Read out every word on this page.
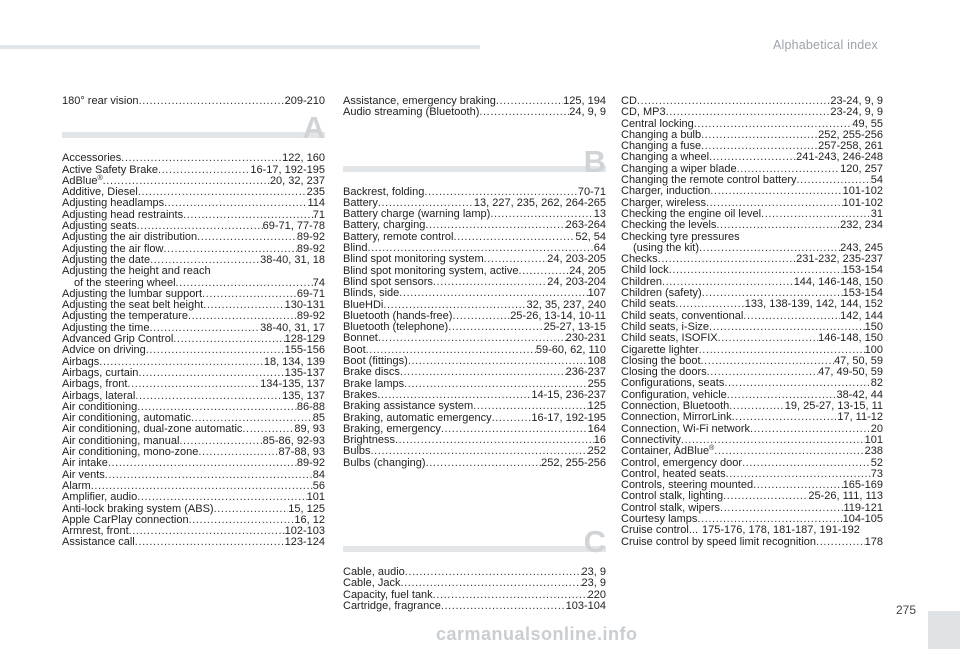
Alphabetical index
180° rear vision .....	209-210
A
Accessories .....	122, 160
Active Safety Brake .....	16-17, 192-195
AdBlue® .....	20, 32, 237
Additive, Diesel .....	235
Adjusting headlamps .....	114
Adjusting head restraints .....	71
Adjusting seats .....	69-71, 77-78
Adjusting the air distribution .....	89-92
Adjusting the air flow .....	89-92
Adjusting the date .....	38-40, 31, 18
Adjusting the height and reach
of the steering wheel .....	74
Adjusting the lumbar support .....	69-71
Adjusting the seat belt height .....	130-131
Adjusting the temperature .....	89-92
Adjusting the time .....	38-40, 31, 17
Advanced Grip Control .....	128-129
Advice on driving .....	155-156
Airbags .....	18, 134, 139
Airbags, curtain .....	135-137
Airbags, front .....	134-135, 137
Airbags, lateral .....	135, 137
Air conditioning .....	86-88
Air conditioning, automatic .....	85
Air conditioning, dual-zone automatic .....	89, 93
Air conditioning, manual .....	85-86, 92-93
Air conditioning, mono-zone .....	87-88, 93
Air intake .....	89-92
Air vents .....	84
Alarm .....	56
Amplifier, audio .....	101
Anti-lock braking system (ABS) .....	15, 125
Apple CarPlay connection .....	16, 12
Armrest, front .....	102-103
Assistance call .....	123-124
Assistance, emergency braking .....	125, 194
Audio streaming (Bluetooth) .....	24, 9, 9
B
Backrest, folding .....	70-71
Battery .....	13, 227, 235, 262, 264-265
Battery charge (warning lamp) .....	13
Battery, charging .....	263-264
Battery, remote control .....	52, 54
Blind .....	64
Blind spot monitoring system .....	24, 203-205
Blind spot monitoring system, active .....	24, 205
Blind spot sensors .....	24, 203-204
Blinds, side .....	107
BlueHDi .....	32, 35, 237, 240
Bluetooth (hands-free) .....	25-26, 13-14, 10-11
Bluetooth (telephone) .....	25-27, 13-15
Bonnet .....	230-231
Boot .....	59-60, 62, 110
Boot (fittings) .....	108
Brake discs .....	236-237
Brake lamps .....	255
Brakes .....	14-15, 236-237
Braking assistance system .....	125
Braking, automatic emergency .....	16-17, 192-195
Braking, emergency .....	164
Brightness .....	16
Bulbs .....	252
Bulbs (changing) .....	252, 255-256
C
Cable, audio .....	23, 9
Cable, Jack .....	23, 9
Capacity, fuel tank .....	220
Cartridge, fragrance .....	103-104
CD .....	23-24, 9, 9
CD, MP3 .....	23-24, 9, 9
Central locking .....	49, 55
Changing a bulb .....	252, 255-256
Changing a fuse .....	257-258, 261
Changing a wheel .....	241-243, 246-248
Changing a wiper blade .....	120, 257
Changing the remote control battery .....	54
Charger, induction .....	101-102
Charger, wireless .....	101-102
Checking the engine oil level .....	31
Checking the levels .....	232, 234
Checking tyre pressures
(using the kit) .....	243, 245
Checks .....	231-232, 235-237
Child lock .....	153-154
Children .....	144, 146-148, 150
Children (safety) .....	153-154
Child seats .....	133, 138-139, 142, 144, 152
Child seats, conventional .....	142, 144
Child seats, i-Size .....	150
Child seats, ISOFIX .....	146-148, 150
Cigarette lighter .....	100
Closing the boot .....	47, 50, 59
Closing the doors .....	47, 49-50, 59
Configurations, seats .....	82
Configuration, vehicle .....	38-42, 44
Connection, Bluetooth .....	19, 25-27, 13-15, 11
Connection, MirrorLink .....	17, 11-12
Connection, Wi-Fi network .....	20
Connectivity .....	101
Container, AdBlue® .....	238
Control, emergency door .....	52
Control, heated seats .....	73
Controls, steering mounted .....	165-169
Control stalk, lighting .....	25-26, 111, 113
Control stalk, wipers .....	119-121
Courtesy lamps .....	104-105
Cruise control... 175-176, 178, 181-187, 191-192
Cruise control by speed limit recognition .....	178
carmanualsonline.info
275
